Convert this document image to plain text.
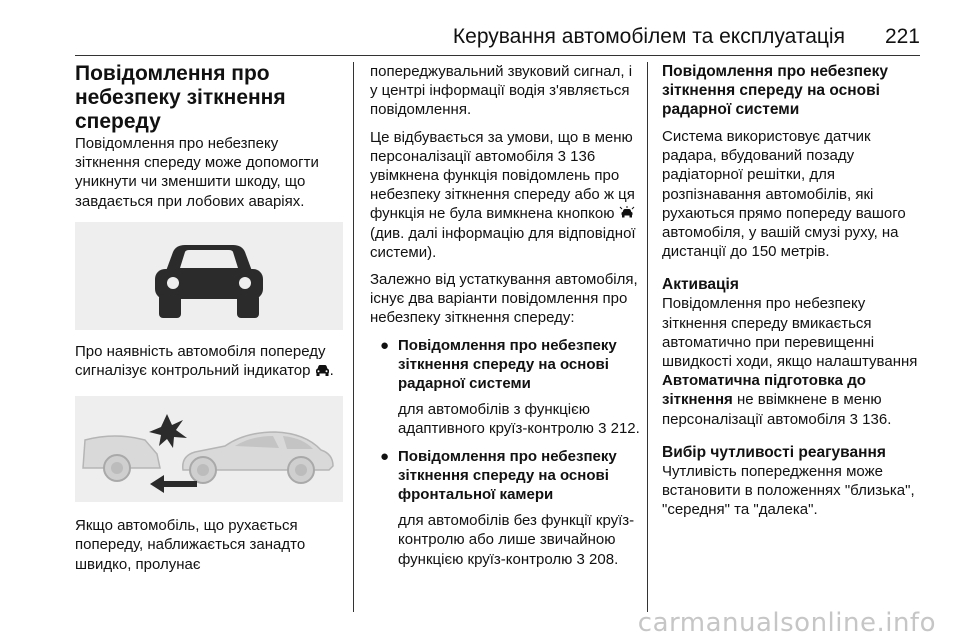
Керування автомобілем та експлуатація 221
Повідомлення про небезпеку зіткнення спереду

Повідомлення про небезпеку зіткнення спереду може допомогти уникнути чи зменшити шкоду, що завдається при лобових аваріях.

Про наявність автомобіля попереду сигналізує контрольний індикатор .

Якщо автомобіль, що рухається попереду, наближається занадто швидко, пролунає

попереджувальний звуковий сигнал, і у центрі інформації водія з'являється повідомлення.

Це відбувається за умови, що в меню персоналізації автомобіля 3 136 увімкнена функція повідомлень про небезпеку зіткнення спереду або ж ця функція не була вимкнена кнопкою  (див. далі інформацію для відповідної системи).

Залежно від устаткування автомобіля, існує два варіанти повідомлення про небезпеку зіткнення спереду:

● Повідомлення про небезпеку зіткнення спереду на основі радарної системи
для автомобілів з функцією адаптивного круїз-контролю 3 212.
● Повідомлення про небезпеку зіткнення спереду на основі фронтальної камери
для автомобілів без функції круїз-контролю або лише звичайною функцією круїз-контролю 3 208.
Повідомлення про небезпеку зіткнення спереду на основі радарної системи

Система використовує датчик радара, вбудований позаду радіаторної решітки, для розпізнавання автомобілів, які рухаються прямо попереду вашого автомобіля, у вашій смузі руху, на дистанції до 150 метрів.

Активація

Повідомлення про небезпеку зіткнення спереду вмикається автоматично при перевищенні швидкості ходи, якщо налаштування Автоматична підготовка до зіткнення не ввімкнене в меню персоналізації автомобіля 3 136.

Вибір чутливості реагування

Чутливість попередження може встановити в положеннях "близька", "середня" та "далека".

carmanualsonline.info
